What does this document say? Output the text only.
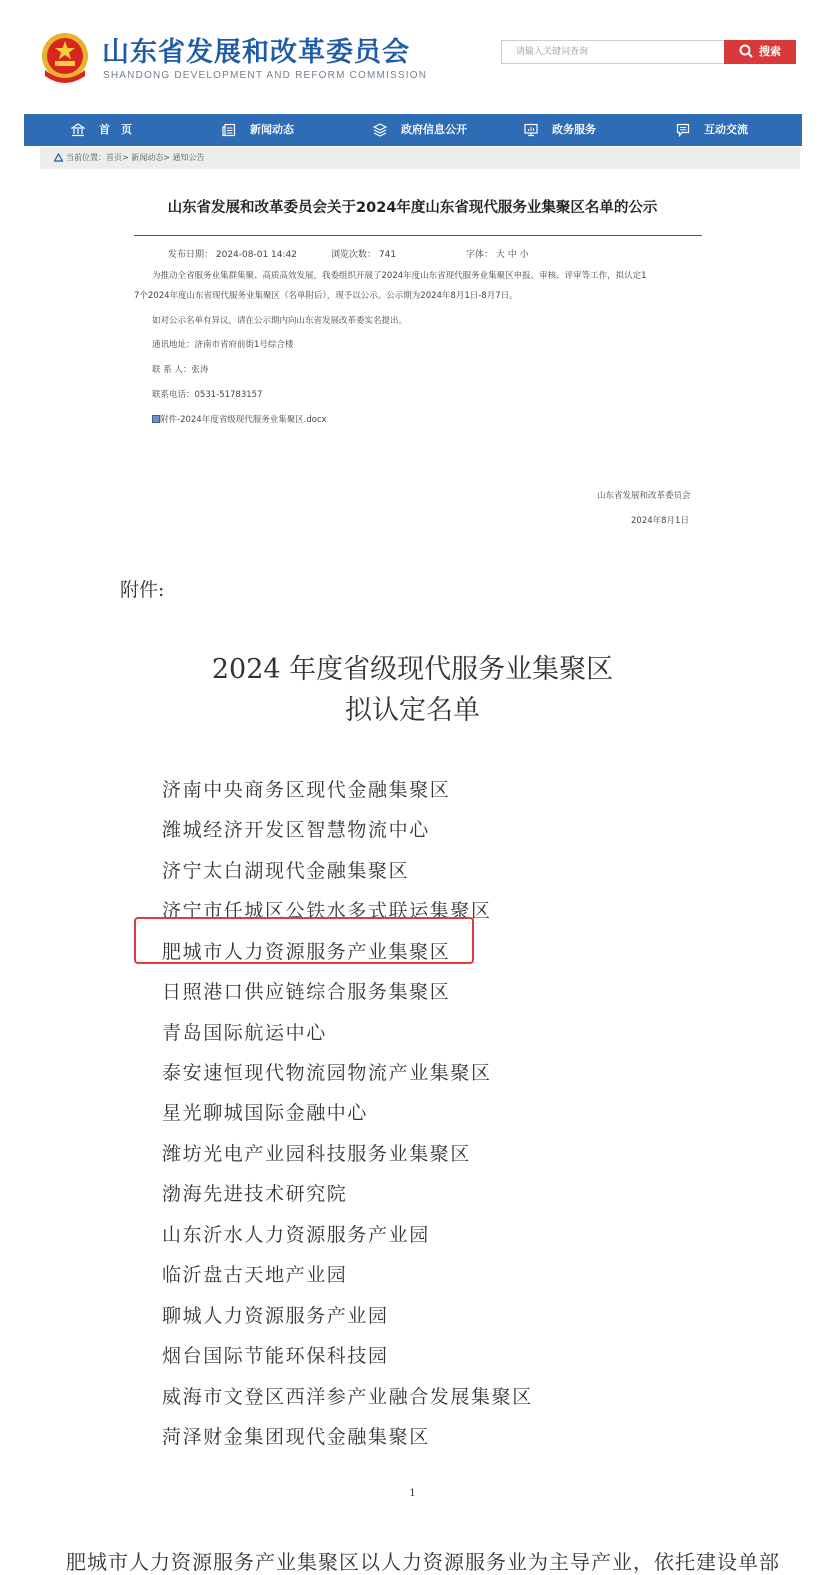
山东省发展和改革委员会
SHANDONG DEVELOPMENT AND REFORM COMMISSION
请输入关键词查询	搜索
首　页	新闻动态	政府信息公开	政务服务	互动交流
当前位置：首页> 新闻动态> 通知公告
山东省发展和改革委员会关于2024年度山东省现代服务业集聚区名单的公示
发布日期： 2024-08-01 14:42	浏览次数： 741	字体： 大 中 小
为推动全省服务业集群集聚、高质高效发展，我委组织开展了2024年度山东省现代服务业集聚区申报、审核、评审等工作，拟认定1
7个2024年度山东省现代服务业集聚区（名单附后），现予以公示。公示期为2024年8月1日-8月7日。
如对公示名单有异议，请在公示期内向山东省发展改革委实名提出。
通讯地址：济南市省府前街1号综合楼
联 系 人：张涛
联系电话：0531-51783157
附件-2024年度省级现代服务业集聚区.docx
山东省发展和改革委员会
2024年8月1日
附件:
2024 年度省级现代服务业集聚区
拟认定名单
济南中央商务区现代金融集聚区
潍城经济开发区智慧物流中心
济宁太白湖现代金融集聚区
济宁市任城区公铁水多式联运集聚区
肥城市人力资源服务产业集聚区
日照港口供应链综合服务集聚区
青岛国际航运中心
泰安速恒现代物流园物流产业集聚区
星光聊城国际金融中心
潍坊光电产业园科技服务业集聚区
渤海先进技术研究院
山东沂水人力资源服务产业园
临沂盘古天地产业园
聊城人力资源服务产业园
烟台国际节能环保科技园
威海市文登区西洋参产业融合发展集聚区
菏泽财金集团现代金融集聚区
1
肥城市人力资源服务产业集聚区以人力资源服务业为主导产业，依托建设单部
